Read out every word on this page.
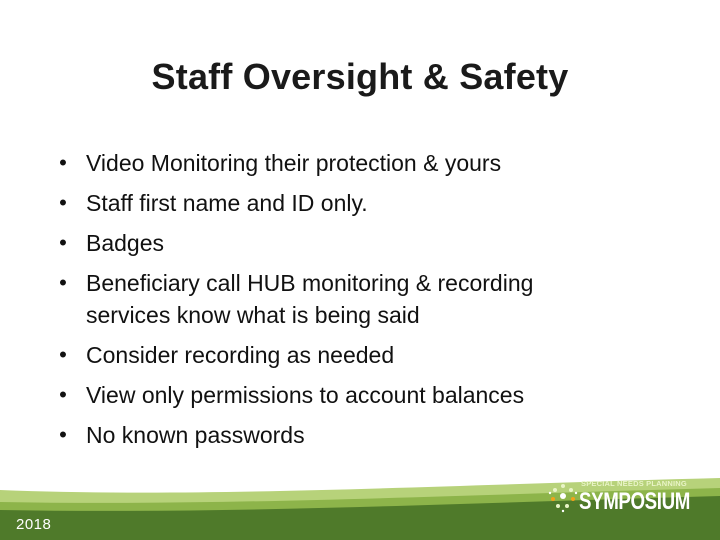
Staff Oversight & Safety
• Video Monitoring their protection & yours
• Staff first name and ID only.
• Badges
• Beneficiary call HUB monitoring & recording
services know what is being said
• Consider recording as needed
• View only permissions to account balances
• No known passwords
2018
SPECIAL NEEDS PLANNING
SYMPOSIUM
